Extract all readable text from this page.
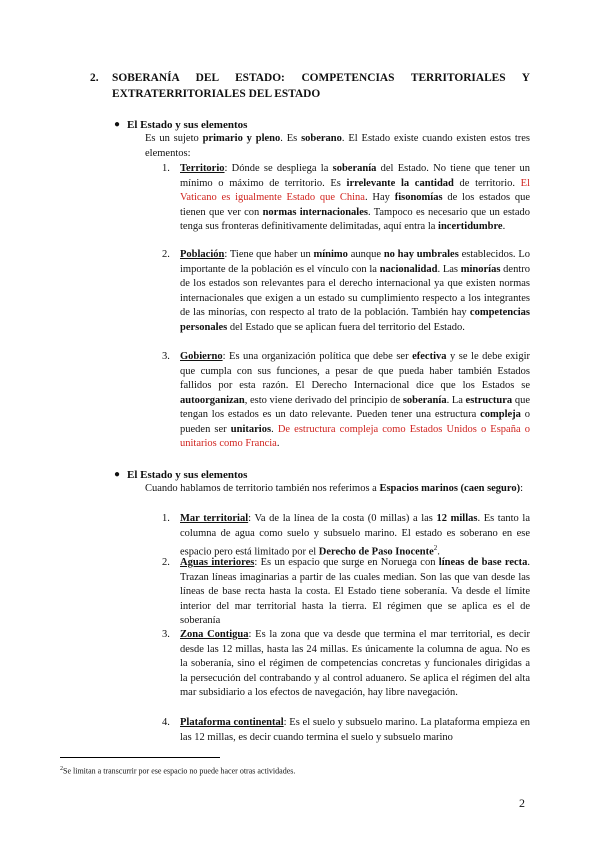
2.	SOBERANÍA DEL ESTADO: COMPETENCIAS TERRITORIALES Y EXTRATERRITORIALES DEL ESTADO
● El Estado y sus elementos
Es un sujeto primario y pleno. Es soberano. El Estado existe cuando existen estos tres elementos:
1. Territorio: Dónde se despliega la soberanía del Estado. No tiene que tener un mínimo o máximo de territorio. Es irrelevante la cantidad de territorio. El Vaticano es igualmente Estado que China. Hay fisonomías de los estados que tienen que ver con normas internacionales. Tampoco es necesario que un estado tenga sus fronteras definitivamente delimitadas, aquí entra la incertidumbre.
2. Población: Tiene que haber un mínimo aunque no hay umbrales establecidos. Lo importante de la población es el vínculo con la nacionalidad. Las minorías dentro de los estados son relevantes para el derecho internacional ya que existen normas internacionales que exigen a un estado su cumplimiento respecto a los integrantes de las minorías, con respecto al trato de la población. También hay competencias personales del Estado que se aplican fuera del territorio del Estado.
3. Gobierno: Es una organización política que debe ser efectiva y se le debe exigir que cumpla con sus funciones, a pesar de que pueda haber también Estados fallidos por esta razón. El Derecho Internacional dice que los Estados se autoorganizan, esto viene derivado del principio de soberanía. La estructura que tengan los estados es un dato relevante. Pueden tener una estructura compleja o pueden ser unitarios. De estructura compleja como Estados Unidos o España o unitarios como Francia.
● El Estado y sus elementos
Cuando hablamos de territorio también nos referimos a Espacios marinos (caen seguro):
1. Mar territorial: Va de la línea de la costa (0 millas) a las 12 millas. Es tanto la columna de agua como suelo y subsuelo marino. El estado es soberano en ese espacio pero está limitado por el Derecho de Paso Inocente$^2$.
2. Aguas interiores: Es un espacio que surge en Noruega con líneas de base recta. Trazan líneas imaginarias a partir de las cuales median. Son las que van desde las líneas de base recta hasta la costa. El Estado tiene soberanía. Va desde el límite interior del mar territorial hasta la tierra. El régimen que se aplica es el de soberanía
3. Zona Contigua: Es la zona que va desde que termina el mar territorial, es decir desde las 12 millas, hasta las 24 millas. Es únicamente la columna de agua. No es la soberanía, sino el régimen de competencias concretas y funcionales dirigidas a la persecución del contrabando y al control aduanero. Se aplica el régimen del alta mar subsidiario a los efectos de navegación, hay libre navegación.
4. Plataforma continental: Es el suelo y subsuelo marino. La plataforma empieza en las 12 millas, es decir cuando termina el suelo y subsuelo marino
$^2$Se limitan a transcurrir por ese espacio no puede hacer otras actividades.
2
